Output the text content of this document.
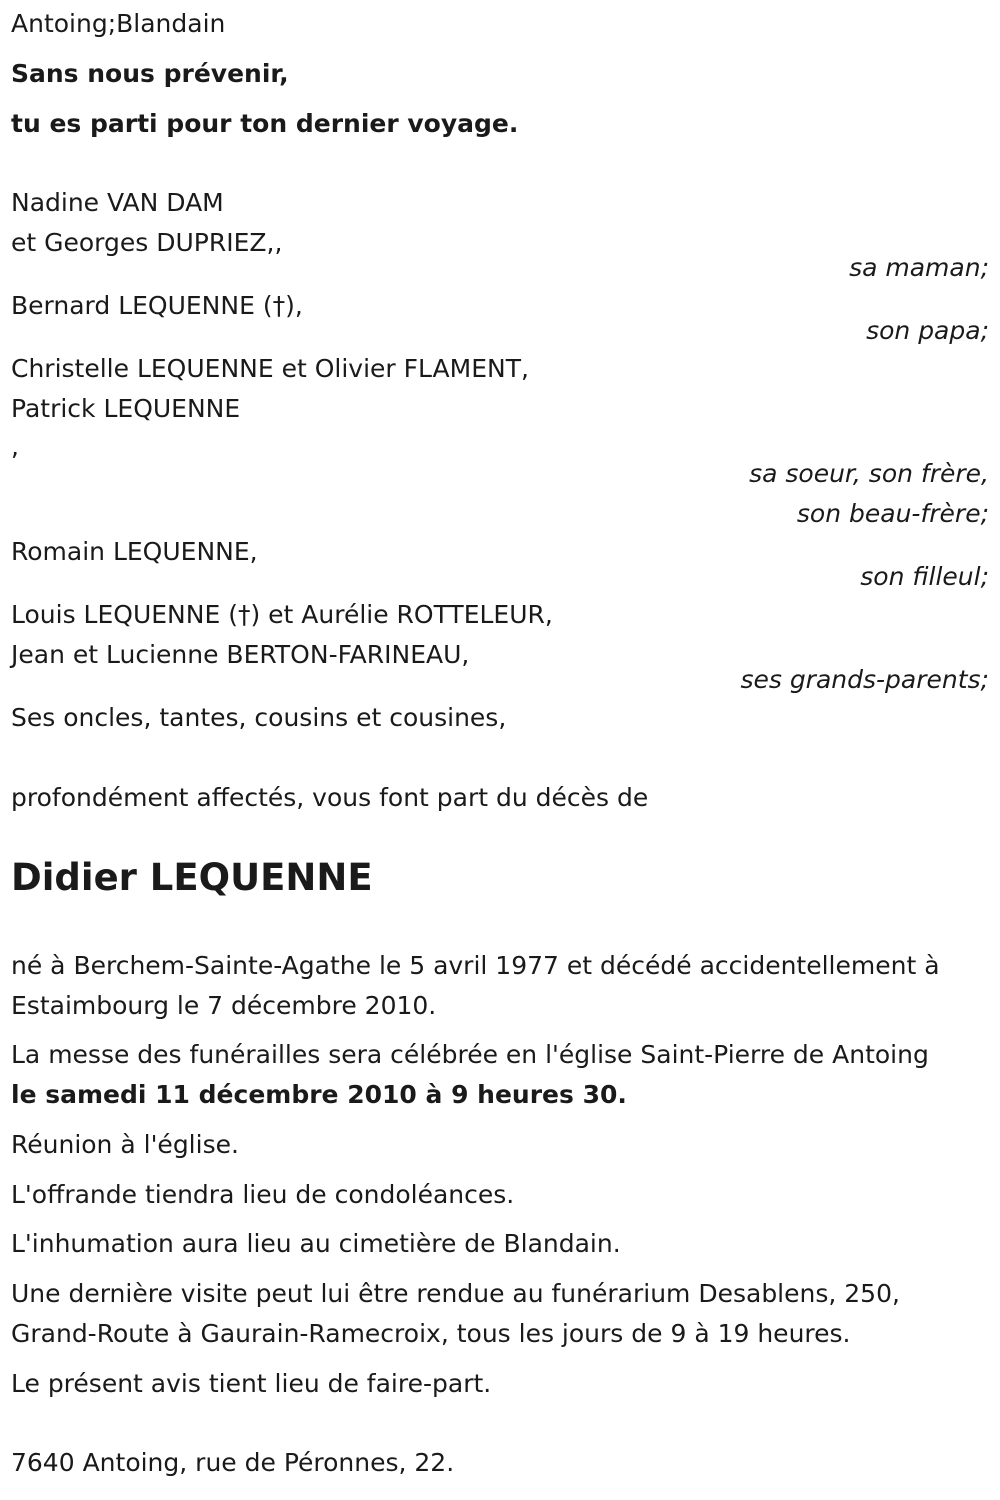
Antoing;Blandain
Sans nous prévenir,
tu es parti pour ton dernier voyage.
Nadine VAN DAM
et Georges DUPRIEZ,,
sa maman;
Bernard LEQUENNE (†),
son papa;
Christelle LEQUENNE et Olivier FLAMENT,
Patrick LEQUENNE
,
sa soeur, son frère,
son beau-frère;
Romain LEQUENNE,
son filleul;
Louis LEQUENNE (†) et Aurélie ROTTELEUR,
Jean et Lucienne BERTON-FARINEAU,
ses grands-parents;
Ses oncles, tantes, cousins et cousines,
profondément affectés, vous font part du décès de
Didier LEQUENNE
né à Berchem-Sainte-Agathe le 5 avril 1977 et décédé accidentellement à
Estaimbourg le 7 décembre 2010.
La messe des funérailles sera célébrée en l'église Saint-Pierre de Antoing
le samedi 11 décembre 2010 à 9 heures 30.
Réunion à l'église.
L'offrande tiendra lieu de condoléances.
L'inhumation aura lieu au cimetière de Blandain.
Une dernière visite peut lui être rendue au funérarium Desablens, 250,
Grand-Route à Gaurain-Ramecroix, tous les jours de 9 à 19 heures.
Le présent avis tient lieu de faire-part.
7640 Antoing, rue de Péronnes, 22.
